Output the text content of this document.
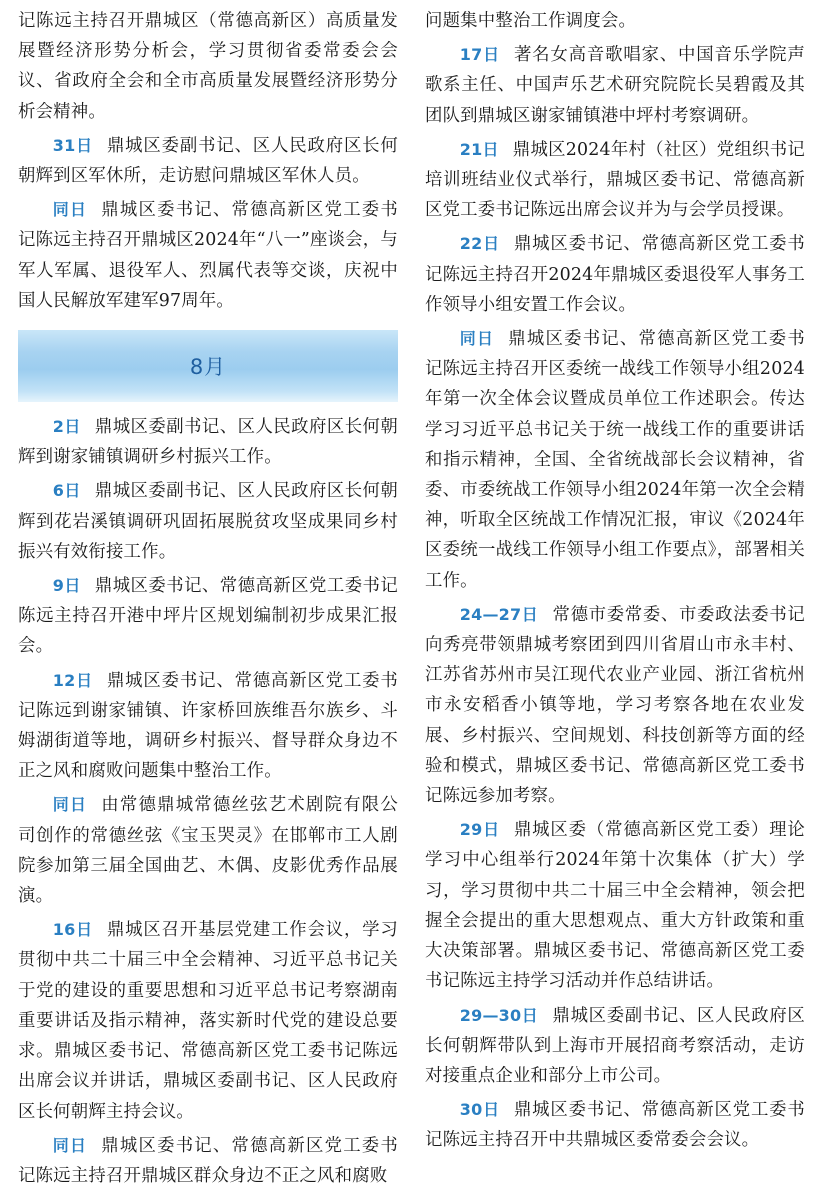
记陈远主持召开鼎城区（常德高新区）高质量发展暨经济形势分析会，学习贯彻省委常委会会议、省政府全会和全市高质量发展暨经济形势分析会精神。

31日 鼎城区委副书记、区人民政府区长何朝辉到区军休所，走访慰问鼎城区军休人员。

同日 鼎城区委书记、常德高新区党工委书记陈远主持召开鼎城区2024年“八一”座谈会，与军人军属、退役军人、烈属代表等交谈，庆祝中国人民解放军建军97周年。

8月

2日 鼎城区委副书记、区人民政府区长何朝辉到谢家铺镇调研乡村振兴工作。

6日 鼎城区委副书记、区人民政府区长何朝辉到花岩溪镇调研巩固拓展脱贫攻坚成果同乡村振兴有效衔接工作。

9日 鼎城区委书记、常德高新区党工委书记陈远主持召开港中坪片区规划编制初步成果汇报会。

12日 鼎城区委书记、常德高新区党工委书记陈远到谢家铺镇、许家桥回族维吾尔族乡、斗姆湖街道等地，调研乡村振兴、督导群众身边不正之风和腐败问题集中整治工作。

同日 由常德鼎城常德丝弦艺术剧院有限公司创作的常德丝弦《宝玉哭灵》在邯郸市工人剧院参加第三届全国曲艺、木偶、皮影优秀作品展演。

16日 鼎城区召开基层党建工作会议，学习贯彻中共二十届三中全会精神、习近平总书记关于党的建设的重要思想和习近平总书记考察湖南重要讲话及指示精神，落实新时代党的建设总要求。鼎城区委书记、常德高新区党工委书记陈远出席会议并讲话，鼎城区委副书记、区人民政府区长何朝辉主持会议。

同日 鼎城区委书记、常德高新区党工委书记陈远主持召开鼎城区群众身边不正之风和腐败

问题集中整治工作调度会。

17日 著名女高音歌唱家、中国音乐学院声歌系主任、中国声乐艺术研究院院长吴碧霞及其团队到鼎城区谢家铺镇港中坪村考察调研。

21日 鼎城区2024年村（社区）党组织书记培训班结业仪式举行，鼎城区委书记、常德高新区党工委书记陈远出席会议并为与会学员授课。

22日 鼎城区委书记、常德高新区党工委书记陈远主持召开2024年鼎城区委退役军人事务工作领导小组安置工作会议。

同日 鼎城区委书记、常德高新区党工委书记陈远主持召开区委统一战线工作领导小组2024年第一次全体会议暨成员单位工作述职会。传达学习习近平总书记关于统一战线工作的重要讲话和指示精神，全国、全省统战部长会议精神，省委、市委统战工作领导小组2024年第一次全会精神，听取全区统战工作情况汇报，审议《2024年区委统一战线工作领导小组工作要点》，部署相关工作。

24—27日 常德市委常委、市委政法委书记向秀亮带领鼎城考察团到四川省眉山市永丰村、江苏省苏州市吴江现代农业产业园、浙江省杭州市永安稻香小镇等地，学习考察各地在农业发展、乡村振兴、空间规划、科技创新等方面的经验和模式，鼎城区委书记、常德高新区党工委书记陈远参加考察。

29日 鼎城区委（常德高新区党工委）理论学习中心组举行2024年第十次集体（扩大）学习，学习贯彻中共二十届三中全会精神，领会把握全会提出的重大思想观点、重大方针政策和重大决策部署。鼎城区委书记、常德高新区党工委书记陈远主持学习活动并作总结讲话。

29—30日 鼎城区委副书记、区人民政府区长何朝辉带队到上海市开展招商考察活动，走访对接重点企业和部分上市公司。

30日 鼎城区委书记、常德高新区党工委书记陈远主持召开中共鼎城区委常委会会议。
